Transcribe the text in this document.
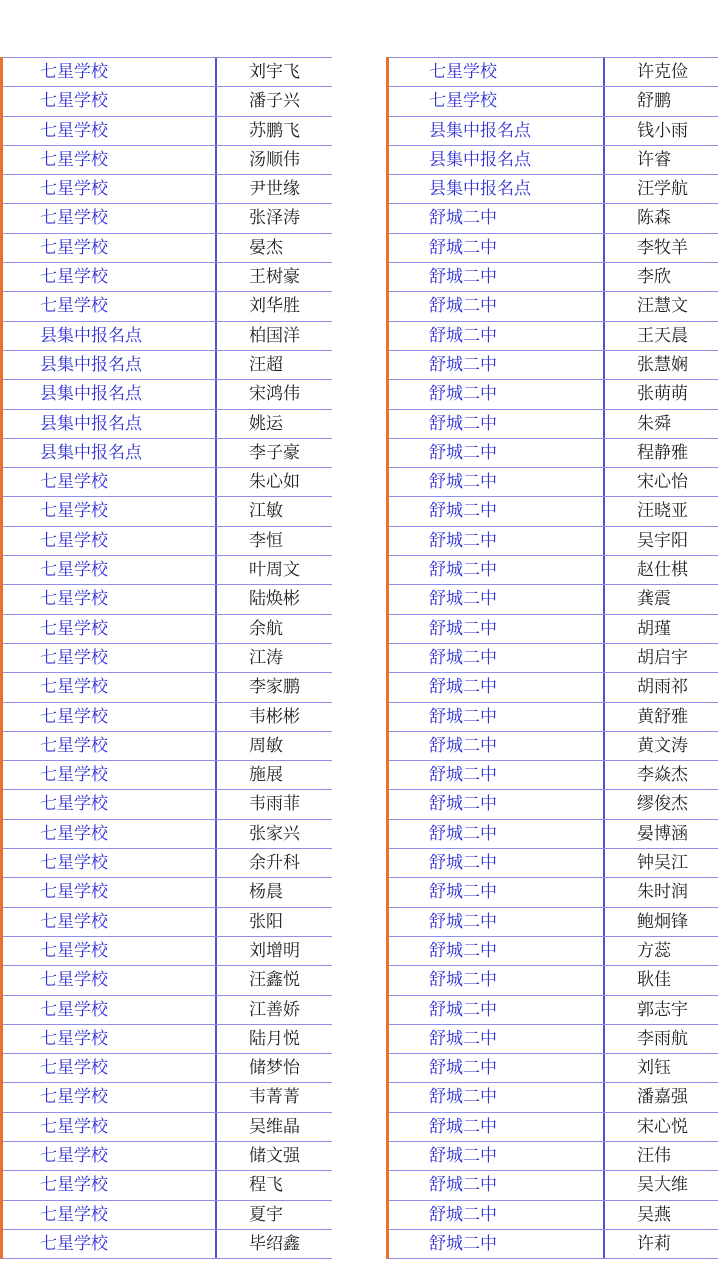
七星学校	刘宇飞
七星学校	潘子兴
七星学校	苏鹏飞
七星学校	汤顺伟
七星学校	尹世缘
七星学校	张泽涛
七星学校	晏杰
七星学校	王树豪
七星学校	刘华胜
县集中报名点	柏国洋
县集中报名点	汪超
县集中报名点	宋鸿伟
县集中报名点	姚运
县集中报名点	李子豪
七星学校	朱心如
七星学校	江敏
七星学校	李恒
七星学校	叶周文
七星学校	陆焕彬
七星学校	余航
七星学校	江涛
七星学校	李家鹏
七星学校	韦彬彬
七星学校	周敏
七星学校	施展
七星学校	韦雨菲
七星学校	张家兴
七星学校	余升科
七星学校	杨晨
七星学校	张阳
七星学校	刘增明
七星学校	汪鑫悦
七星学校	江善娇
七星学校	陆月悦
七星学校	储梦怡
七星学校	韦菁菁
七星学校	吴维晶
七星学校	储文强
七星学校	程飞
七星学校	夏宇
七星学校	毕绍鑫
七星学校	许克俭
七星学校	舒鹏
县集中报名点	钱小雨
县集中报名点	许睿
县集中报名点	汪学航
舒城二中	陈森
舒城二中	李牧羊
舒城二中	李欣
舒城二中	汪慧文
舒城二中	王天晨
舒城二中	张慧娴
舒城二中	张萌萌
舒城二中	朱舜
舒城二中	程静雅
舒城二中	宋心怡
舒城二中	汪晓亚
舒城二中	吴宇阳
舒城二中	赵仕棋
舒城二中	龚震
舒城二中	胡瑾
舒城二中	胡启宇
舒城二中	胡雨祁
舒城二中	黄舒雅
舒城二中	黄文涛
舒城二中	李焱杰
舒城二中	缪俊杰
舒城二中	晏博涵
舒城二中	钟吴江
舒城二中	朱时润
舒城二中	鲍炯锋
舒城二中	方蕊
舒城二中	耿佳
舒城二中	郭志宇
舒城二中	李雨航
舒城二中	刘钰
舒城二中	潘嘉强
舒城二中	宋心悦
舒城二中	汪伟
舒城二中	吴大维
舒城二中	吴燕
舒城二中	许莉
